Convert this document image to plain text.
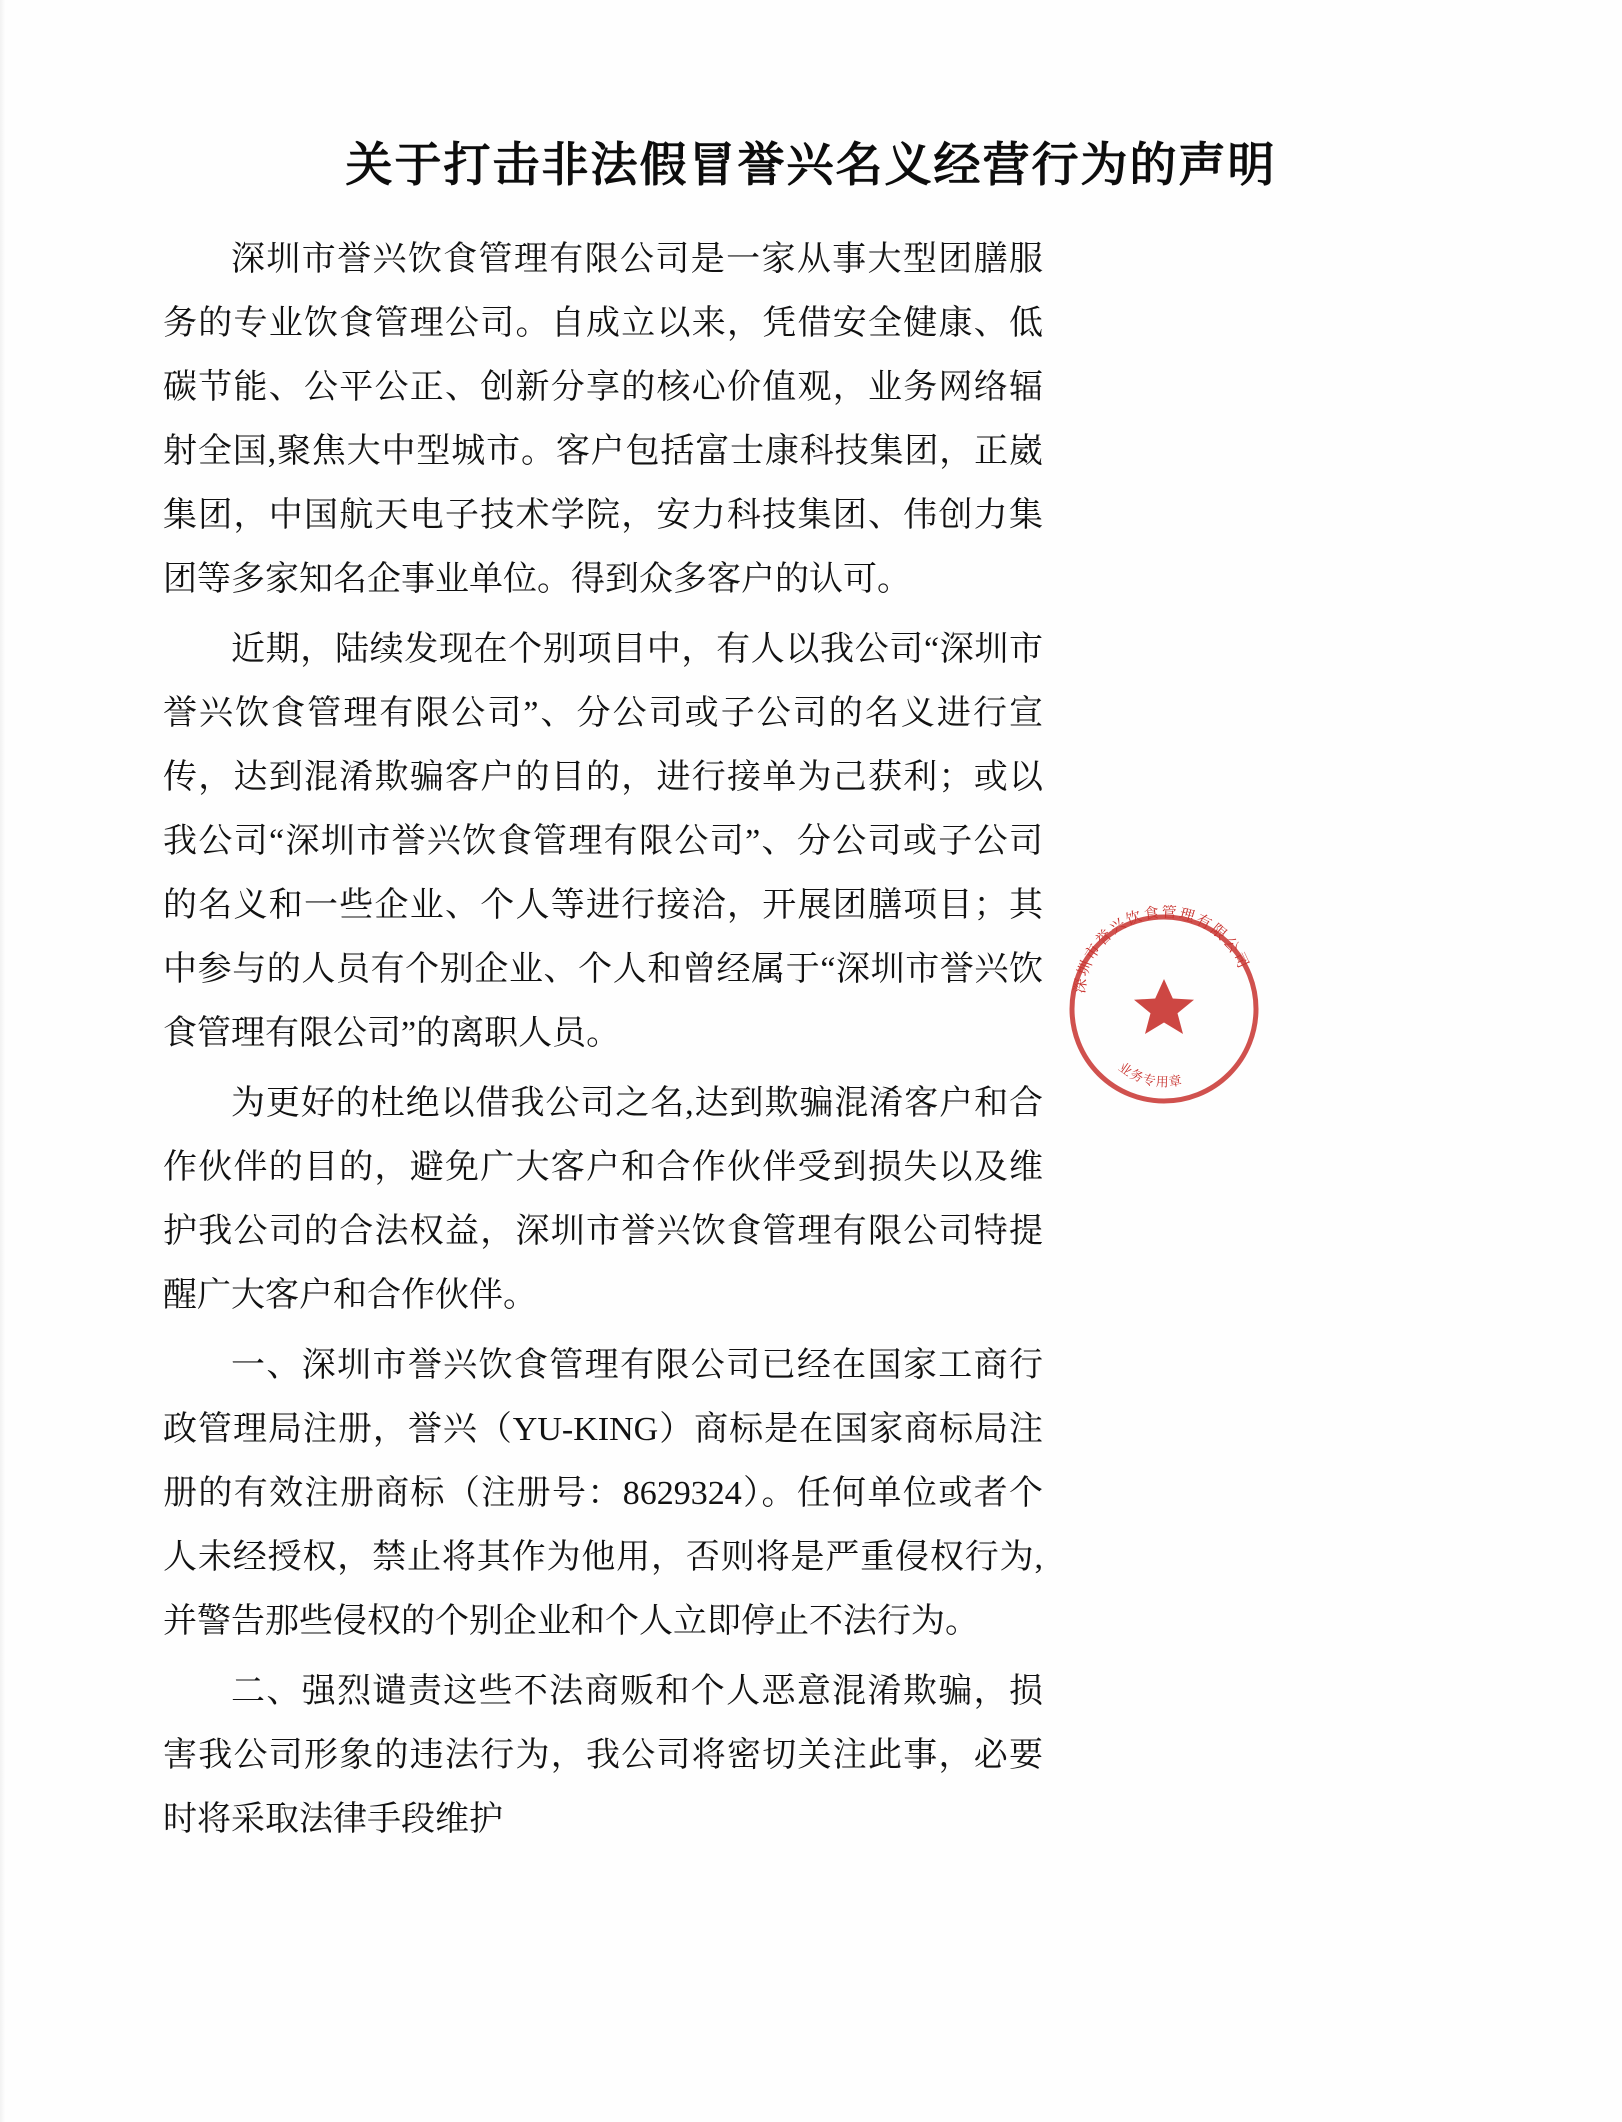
关于打击非法假冒誉兴名义经营行为的声明

深圳市誉兴饮食管理有限公司是一家从事大型团膳服务的专业饮食管理公司。自成立以来，凭借安全健康、低碳节能、公平公正、创新分享的核心价值观，业务网络辐射全国,聚焦大中型城市。客户包括富士康科技集团，正崴集团，中国航天电子技术学院，安力科技集团、伟创力集团等多家知名企事业单位。得到众多客户的认可。

近期，陆续发现在个别项目中，有人以我公司“深圳市誉兴饮食管理有限公司”、分公司或子公司的名义进行宣传，达到混淆欺骗客户的目的，进行接单为己获利；或以我公司“深圳市誉兴饮食管理有限公司”、分公司或子公司的名义和一些企业、个人等进行接洽，开展团膳项目；其中参与的人员有个别企业、个人和曾经属于“深圳市誉兴饮食管理有限公司”的离职人员。

为更好的杜绝以借我公司之名,达到欺骗混淆客户和合作伙伴的目的，避免广大客户和合作伙伴受到损失以及维护我公司的合法权益，深圳市誉兴饮食管理有限公司特提醒广大客户和合作伙伴。

一、深圳市誉兴饮食管理有限公司已经在国家工商行政管理局注册，誉兴（YU-KING）商标是在国家商标局注册的有效注册商标（注册号：8629324）。任何单位或者个人未经授权，禁止将其作为他用，否则将是严重侵权行为,并警告那些侵权的个别企业和个人立即停止不法行为。

二、强烈谴责这些不法商贩和个人恶意混淆欺骗，损害我公司形象的违法行为，我公司将密切关注此事，必要时将采取法律手段维护

深圳市誉兴饮食管理有限公司
业务专用章
